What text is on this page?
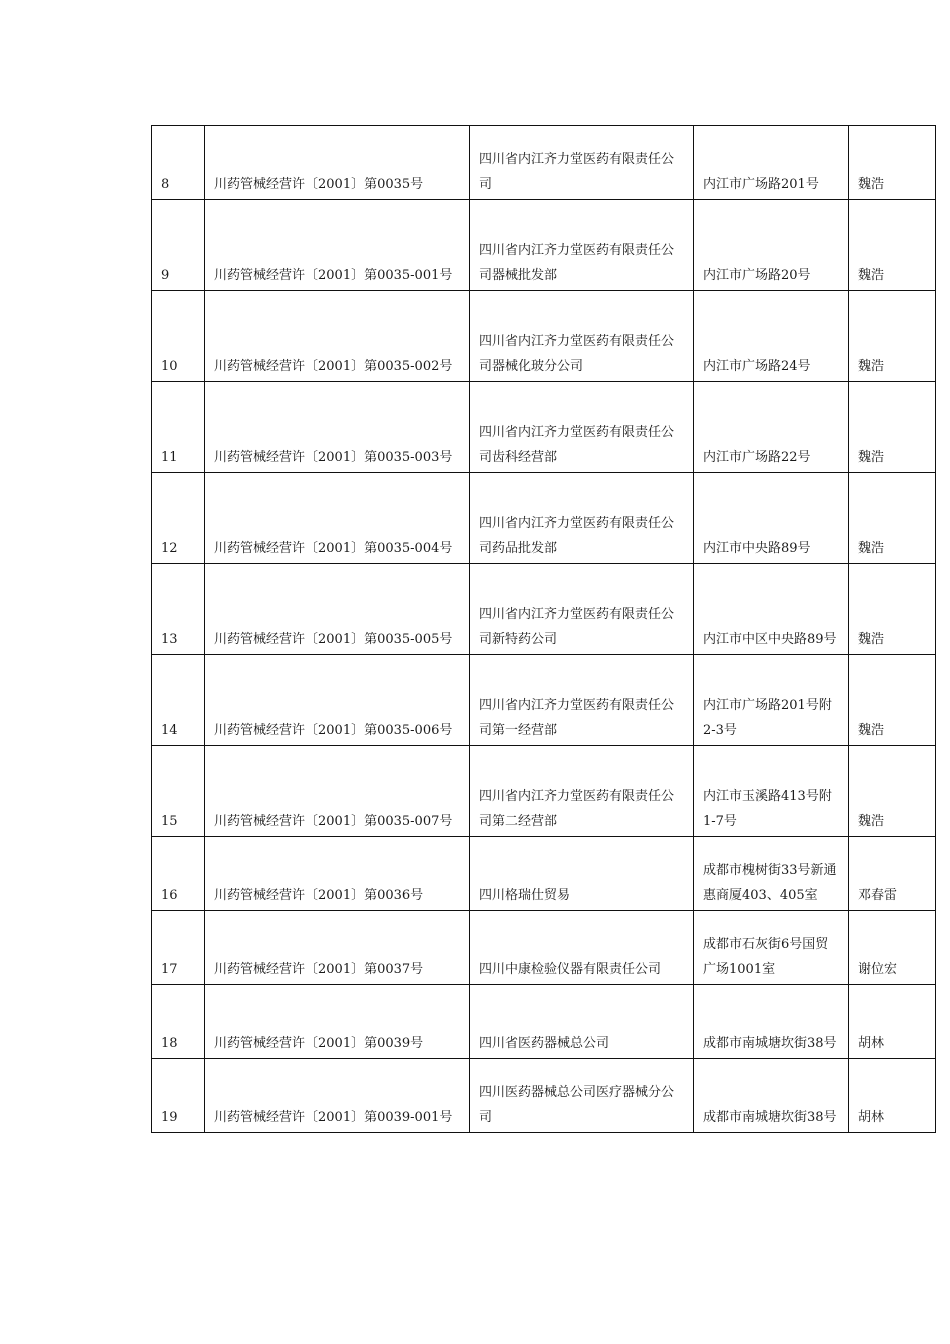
8	川药管械经营许〔2001〕第0035号	四川省内江齐力堂医药有限责任公司	内江市广场路201号	魏浩
9	川药管械经营许〔2001〕第0035-001号	四川省内江齐力堂医药有限责任公司器械批发部	内江市广场路20号	魏浩
10	川药管械经营许〔2001〕第0035-002号	四川省内江齐力堂医药有限责任公司器械化玻分公司	内江市广场路24号	魏浩
11	川药管械经营许〔2001〕第0035-003号	四川省内江齐力堂医药有限责任公司齿科经营部	内江市广场路22号	魏浩
12	川药管械经营许〔2001〕第0035-004号	四川省内江齐力堂医药有限责任公司药品批发部	内江市中央路89号	魏浩
13	川药管械经营许〔2001〕第0035-005号	四川省内江齐力堂医药有限责任公司新特药公司	内江市中区中央路89号	魏浩
14	川药管械经营许〔2001〕第0035-006号	四川省内江齐力堂医药有限责任公司第一经营部	内江市广场路201号附2-3号	魏浩
15	川药管械经营许〔2001〕第0035-007号	四川省内江齐力堂医药有限责任公司第二经营部	内江市玉溪路413号附1-7号	魏浩
16	川药管械经营许〔2001〕第0036号	四川格瑞仕贸易	成都市槐树街33号新通惠商厦403、405室	邓春雷
17	川药管械经营许〔2001〕第0037号	四川中康检验仪器有限责任公司	成都市石灰街6号国贸广场1001室	谢位宏
18	川药管械经营许〔2001〕第0039号	四川省医药器械总公司	成都市南城塘坎街38号	胡林
19	川药管械经营许〔2001〕第0039-001号	四川医药器械总公司医疗器械分公司	成都市南城塘坎街38号	胡林
